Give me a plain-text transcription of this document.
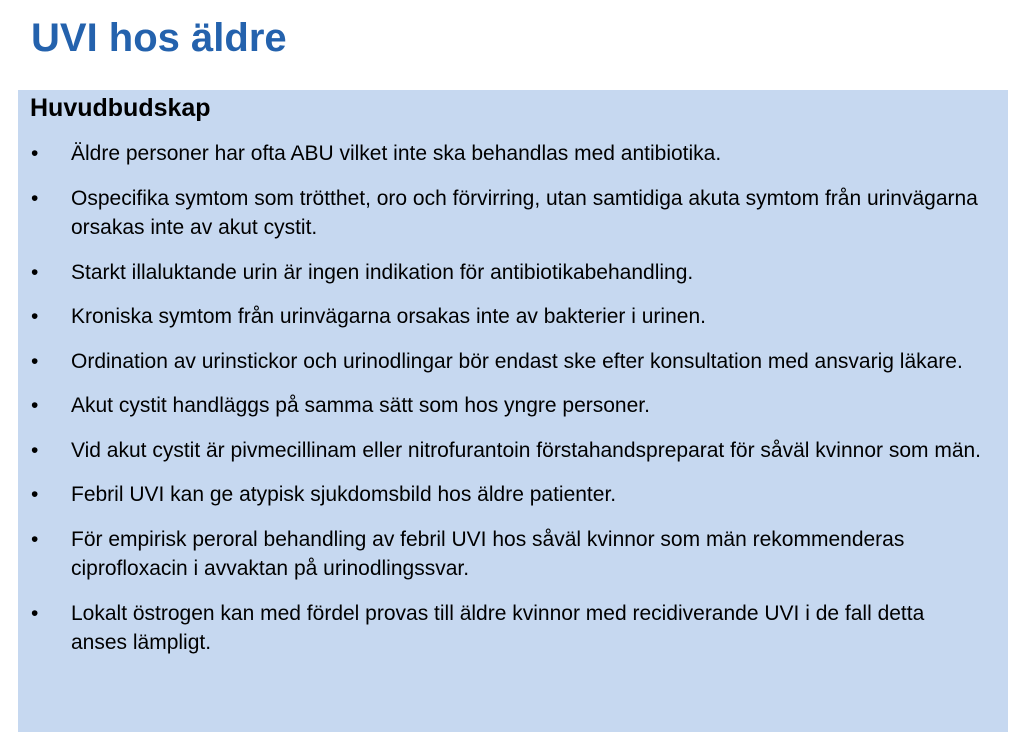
UVI hos äldre
Huvudbudskap
•	Äldre personer har ofta ABU vilket inte ska behandlas med antibiotika.
•	Ospecifika symtom som trötthet, oro och förvirring, utan samtidiga akuta symtom från urinvägarna orsakas inte av akut cystit.
•	Starkt illaluktande urin är ingen indikation för antibiotikabehandling.
•	Kroniska symtom från urinvägarna orsakas inte av bakterier i urinen.
•	Ordination av urinstickor och urinodlingar bör endast ske efter konsultation med ansvarig läkare.
•	Akut cystit handläggs på samma sätt som hos yngre personer.
•	Vid akut cystit är pivmecillinam eller nitrofurantoin förstahandspreparat för såväl kvinnor som män.
•	Febril UVI kan ge atypisk sjukdomsbild hos äldre patienter.
•	För empirisk peroral behandling av febril UVI hos såväl kvinnor som män rekommenderas ciprofloxacin i avvaktan på urinodlingssvar.
•	Lokalt östrogen kan med fördel provas till äldre kvinnor med recidiverande UVI i de fall detta anses lämpligt.
